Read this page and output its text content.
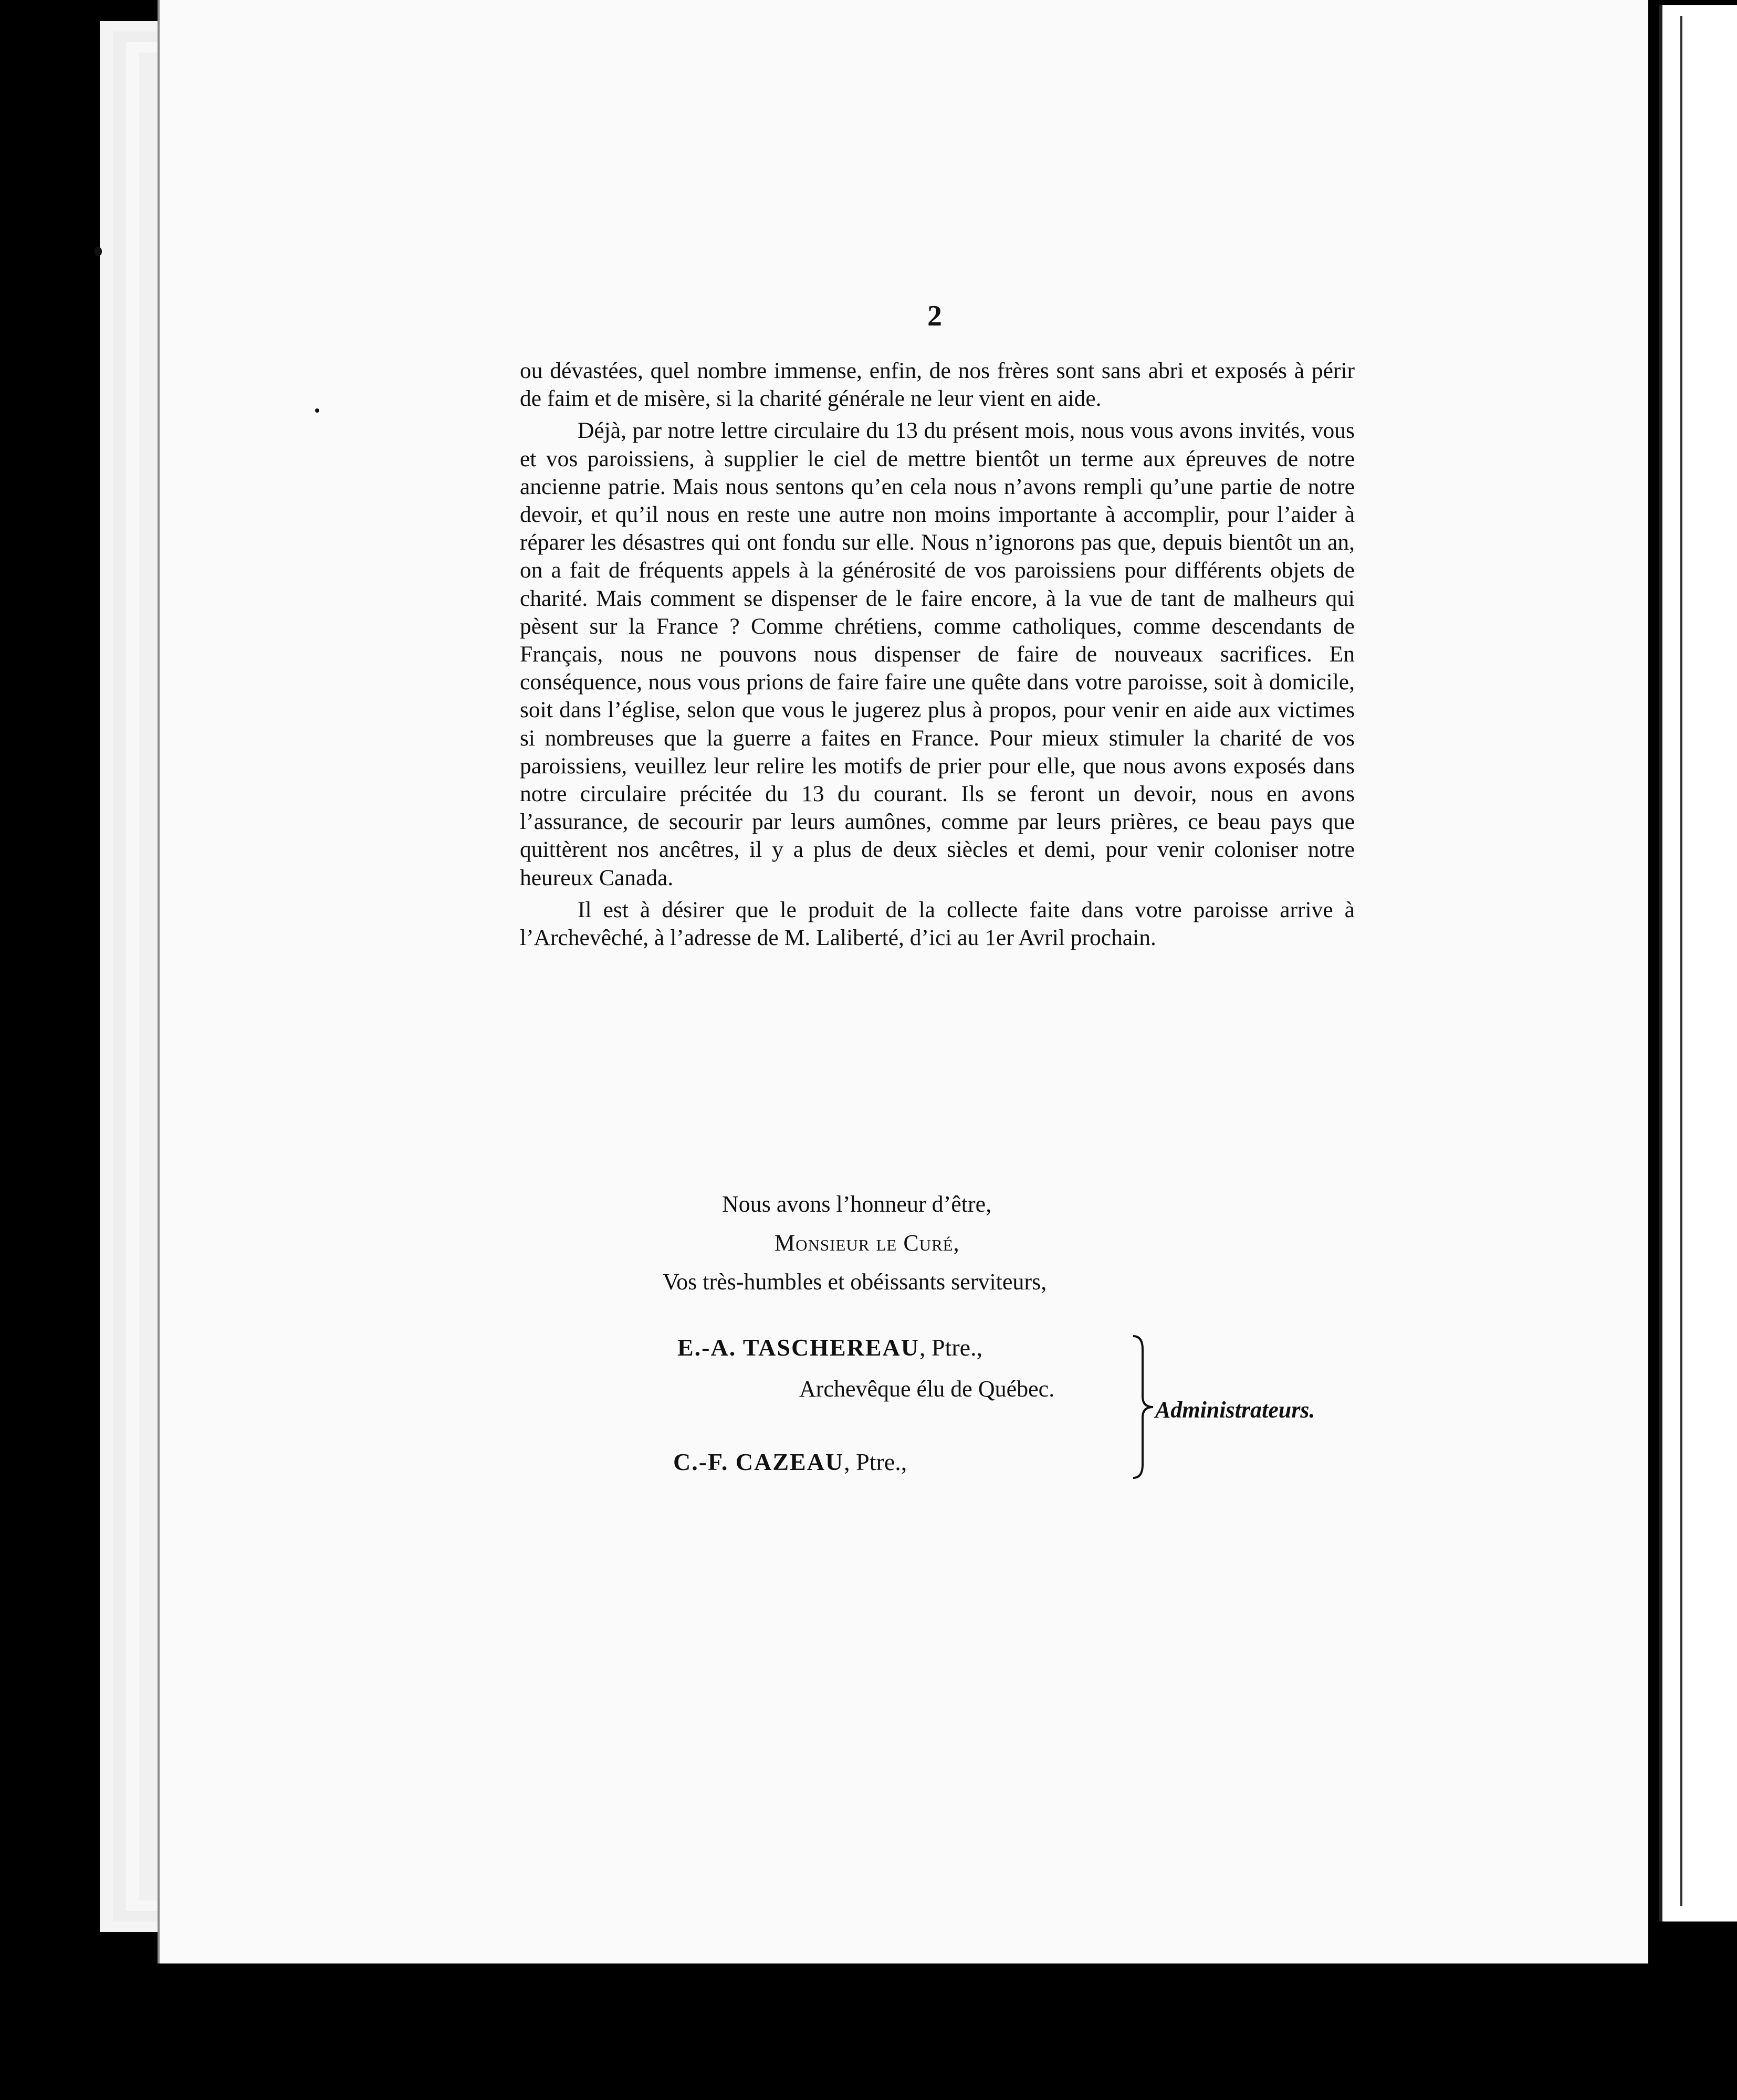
2

ou dévastées, quel nombre immense, enfin, de nos frères sont sans abri et exposés à périr de faim et de misère, si la charité générale ne leur vient en aide.

Déjà, par notre lettre circulaire du 13 du présent mois, nous vous avons invités, vous et vos paroissiens, à supplier le ciel de mettre bientôt un terme aux épreuves de notre ancienne patrie. Mais nous sentons qu’en cela nous n’avons rempli qu’une partie de notre devoir, et qu’il nous en reste une autre non moins importante à accomplir, pour l’aider à réparer les désastres qui ont fondu sur elle. Nous n’ignorons pas que, depuis bientôt un an, on a fait de fréquents appels à la générosité de vos paroissiens pour différents objets de charité. Mais comment se dispenser de le faire encore, à la vue de tant de malheurs qui pèsent sur la France ? Comme chrétiens, comme catholiques, comme descendants de Français, nous ne pouvons nous dispenser de faire de nouveaux sacrifices. En conséquence, nous vous prions de faire faire une quête dans votre paroisse, soit à domicile, soit dans l’église, selon que vous le jugerez plus à propos, pour venir en aide aux victimes si nombreuses que la guerre a faites en France. Pour mieux stimuler la charité de vos paroissiens, veuillez leur relire les motifs de prier pour elle, que nous avons exposés dans notre circulaire précitée du 13 du courant. Ils se feront un devoir, nous en avons l’assurance, de secourir par leurs aumônes, comme par leurs prières, ce beau pays que quittèrent nos ancêtres, il y a plus de deux siècles et demi, pour venir coloniser notre heureux Canada.

Il est à désirer que le produit de la collecte faite dans votre paroisse arrive à l’Archevêché, à l’adresse de M. Laliberté, d’ici au 1er Avril prochain.

Nous avons l’honneur d’être,
Monsieur le Curé,
Vos très-humbles et obéissants serviteurs,
E.-A. TASCHEREAU, Ptre.,
Archevêque élu de Québec.
C.-F. CAZEAU, Ptre.,
Administrateurs.
